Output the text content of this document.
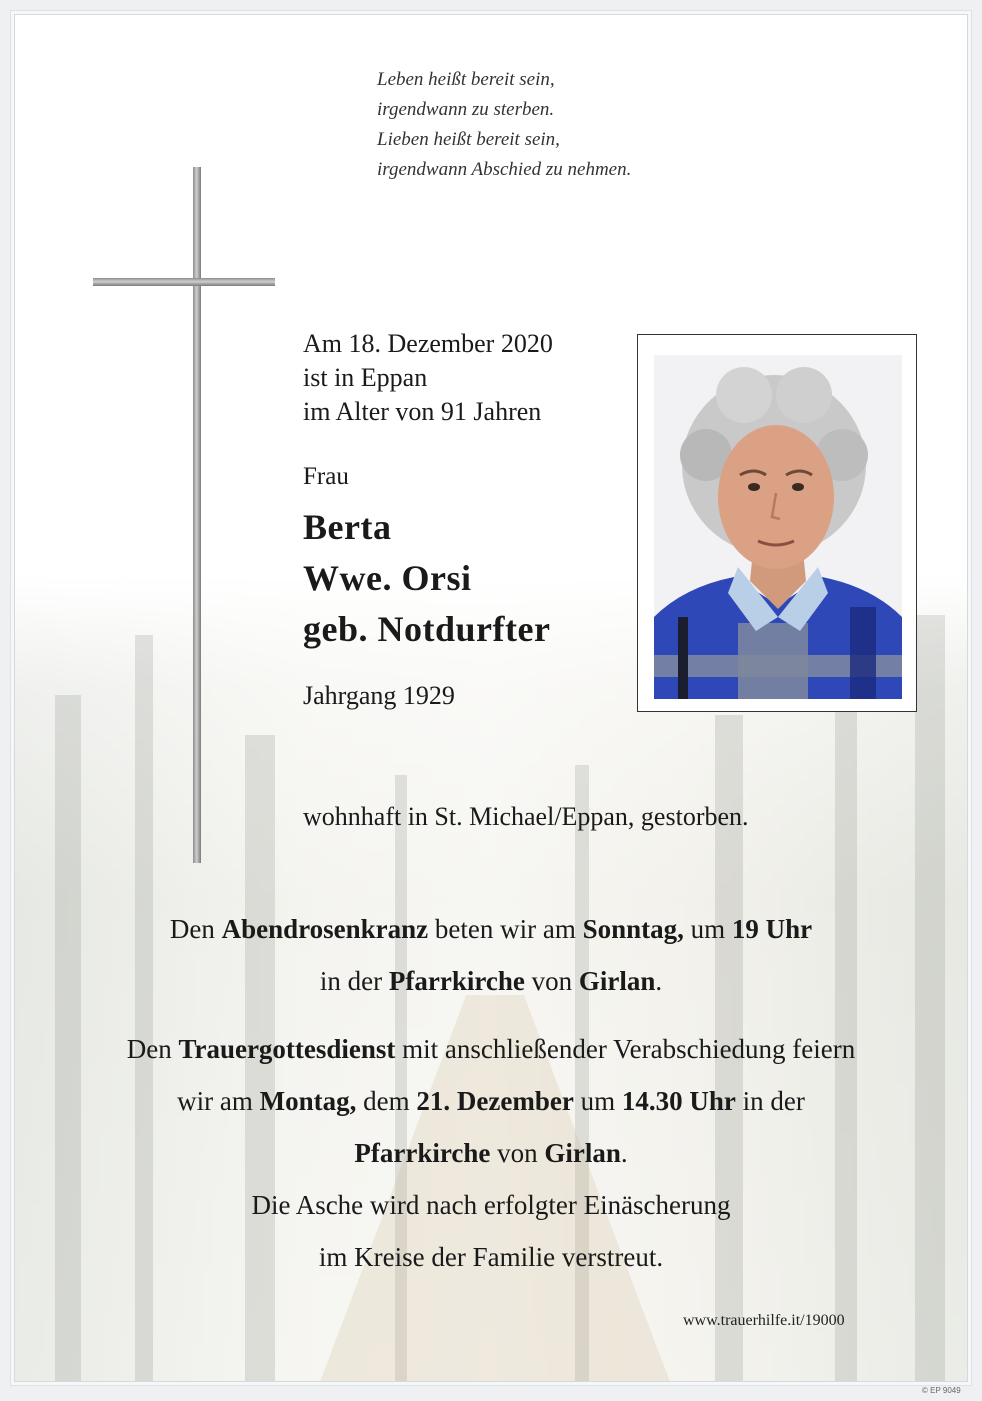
Leben heißt bereit sein,
irgendwann zu sterben.
Lieben heißt bereit sein,
irgendwann Abschied zu nehmen.
Am 18. Dezember 2020
ist in Eppan
im Alter von 91 Jahren
Frau
Berta
Wwe. Orsi
geb. Notdurfter
Jahrgang 1929
wohnhaft in St. Michael/Eppan, gestorben.
Den Abendrosenkranz beten wir am Sonntag, um 19 Uhr
in der Pfarrkirche von Girlan.
Den Trauergottesdienst mit anschließender Verabschiedung feiern
wir am Montag, dem 21. Dezember um 14.30 Uhr in der
Pfarrkirche von Girlan.
Die Asche wird nach erfolgter Einäscherung
im Kreise der Familie verstreut.
www.trauerhilfe.it/19000
© EP 9049
